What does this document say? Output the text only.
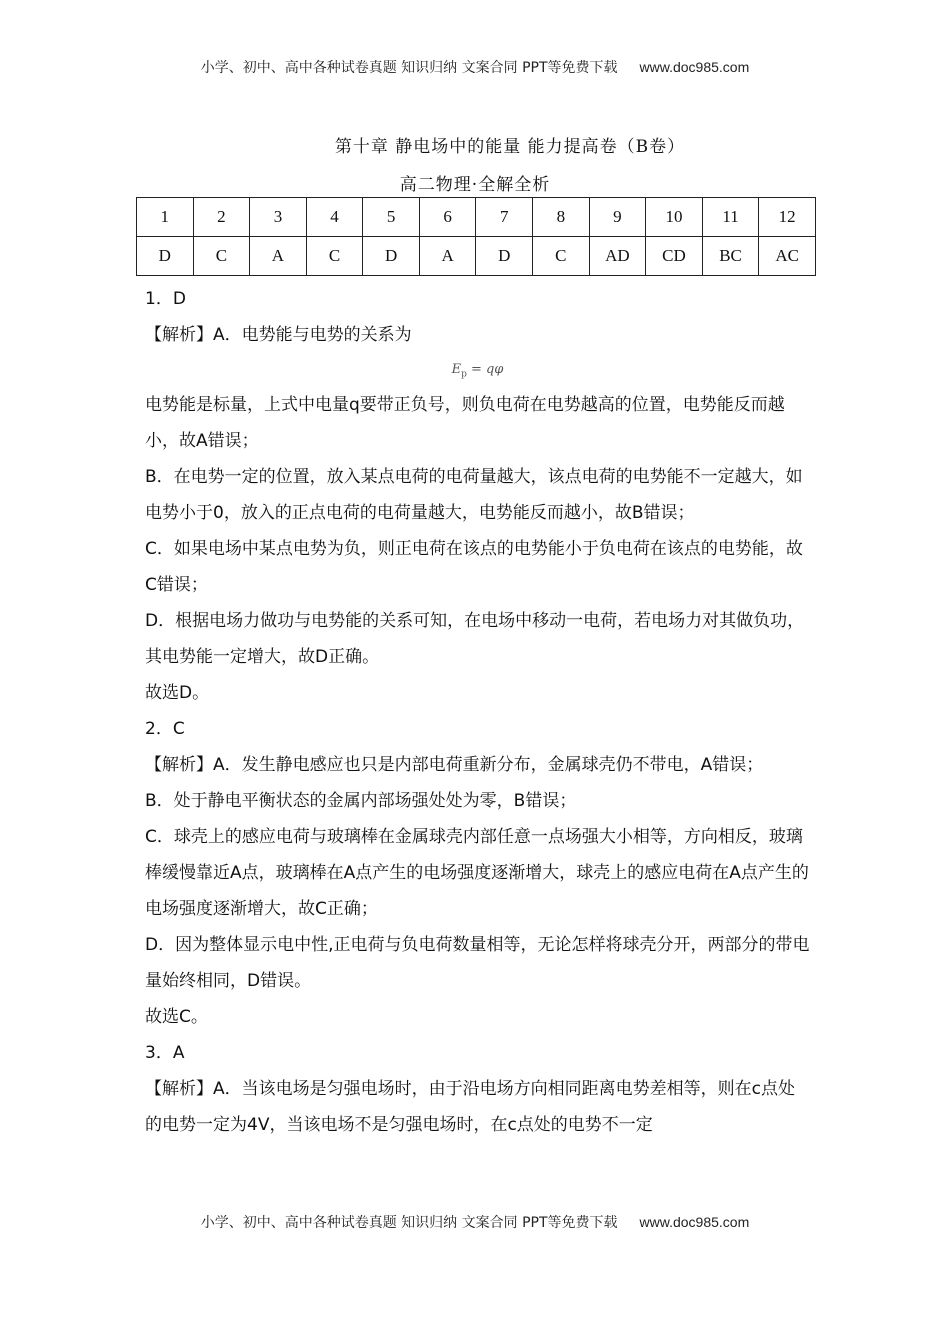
小学、初中、高中各种试卷真题 知识归纳 文案合同 PPT等免费下载 www.doc985.com
第十章 静电场中的能量 能力提高卷（B卷）
高二物理·全解全析
1	2	3	4	5	6	7	8	9	10	11	12
D	C	A	C	D	A	D	C	AD	CD	BC	AC

1．D

【解析】A．电势能与电势的关系为

$E_p = q\varphi$

电势能是标量，上式中电量q要带正负号，则负电荷在电势越高的位置，电势能反而越小，故A错误；

B．在电势一定的位置，放入某点电荷的电荷量越大，该点电荷的电势能不一定越大，如电势小于0，放入的正点电荷的电荷量越大，电势能反而越小，故B错误；

C．如果电场中某点电势为负，则正电荷在该点的电势能小于负电荷在该点的电势能，故C错误；

D．根据电场力做功与电势能的关系可知，在电场中移动一电荷，若电场力对其做负功，其电势能一定增大，故D正确。

故选D。

2．C

【解析】A．发生静电感应也只是内部电荷重新分布，金属球壳仍不带电，A错误；

B．处于静电平衡状态的金属内部场强处处为零，B错误；

C．球壳上的感应电荷与玻璃棒在金属球壳内部任意一点场强大小相等，方向相反，玻璃棒缓慢靠近A点，玻璃棒在A点产生的电场强度逐渐增大，球壳上的感应电荷在A点产生的电场强度逐渐增大，故C正确；

D．因为整体显示电中性,正电荷与负电荷数量相等，无论怎样将球壳分开，两部分的带电量始终相同，D错误。

故选C。

3．A

【解析】A．当该电场是匀强电场时，由于沿电场方向相同距离电势差相等，则在c点处的电势一定为4V，当该电场不是匀强电场时，在c点处的电势不一定

小学、初中、高中各种试卷真题 知识归纳 文案合同 PPT等免费下载 www.doc985.com
